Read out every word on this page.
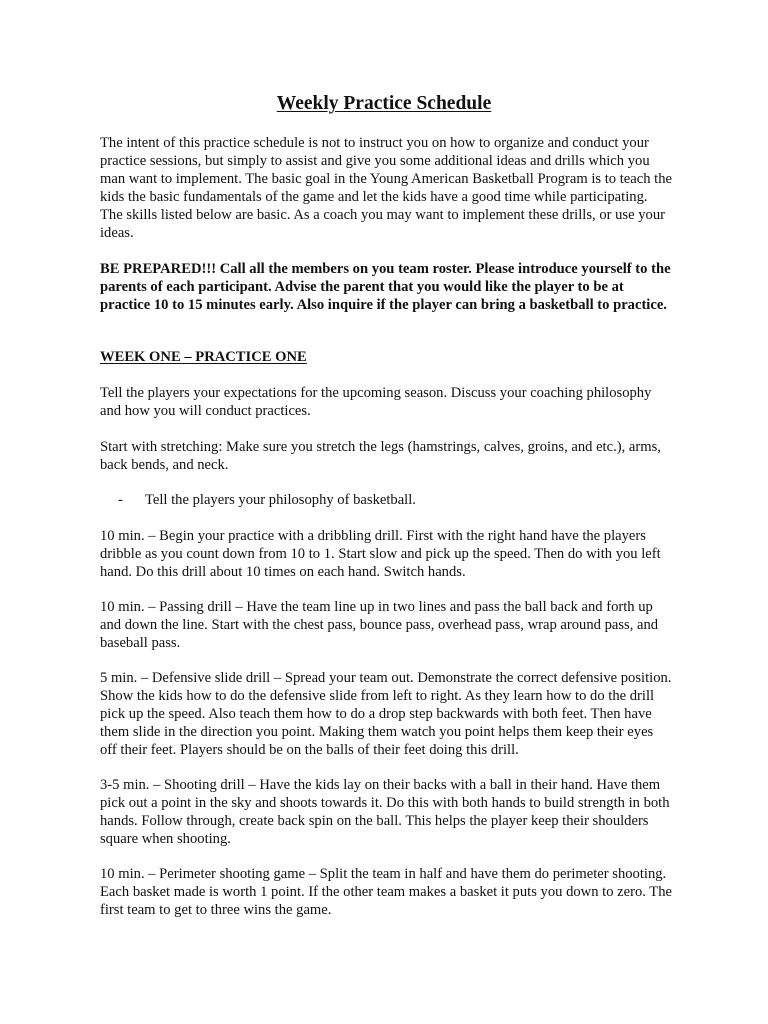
Weekly Practice Schedule

The intent of this practice schedule is not to instruct you on how to organize and conduct your practice sessions, but simply to assist and give you some additional ideas and drills which you man want to implement. The basic goal in the Young American Basketball Program is to teach the kids the basic fundamentals of the game and let the kids have a good time while participating. The skills listed below are basic. As a coach you may want to implement these drills, or use your ideas.

BE PREPARED!!! Call all the members on you team roster. Please introduce yourself to the parents of each participant. Advise the parent that you would like the player to be at practice 10 to 15 minutes early. Also inquire if the player can bring a basketball to practice.

WEEK ONE – PRACTICE ONE

Tell the players your expectations for the upcoming season. Discuss your coaching philosophy and how you will conduct practices.

Start with stretching: Make sure you stretch the legs (hamstrings, calves, groins, and etc.), arms, back bends, and neck.

- Tell the players your philosophy of basketball.

10 min. – Begin your practice with a dribbling drill. First with the right hand have the players dribble as you count down from 10 to 1. Start slow and pick up the speed. Then do with you left hand. Do this drill about 10 times on each hand. Switch hands.

10 min. – Passing drill – Have the team line up in two lines and pass the ball back and forth up and down the line. Start with the chest pass, bounce pass, overhead pass, wrap around pass, and baseball pass.

5 min. – Defensive slide drill – Spread your team out. Demonstrate the correct defensive position. Show the kids how to do the defensive slide from left to right. As they learn how to do the drill pick up the speed. Also teach them how to do a drop step backwards with both feet. Then have them slide in the direction you point. Making them watch you point helps them keep their eyes off their feet. Players should be on the balls of their feet doing this drill.

3-5 min. – Shooting drill – Have the kids lay on their backs with a ball in their hand. Have them pick out a point in the sky and shoots towards it. Do this with both hands to build strength in both hands. Follow through, create back spin on the ball. This helps the player keep their shoulders square when shooting.

10 min. – Perimeter shooting game – Split the team in half and have them do perimeter shooting. Each basket made is worth 1 point. If the other team makes a basket it puts you down to zero. The first team to get to three wins the game.
